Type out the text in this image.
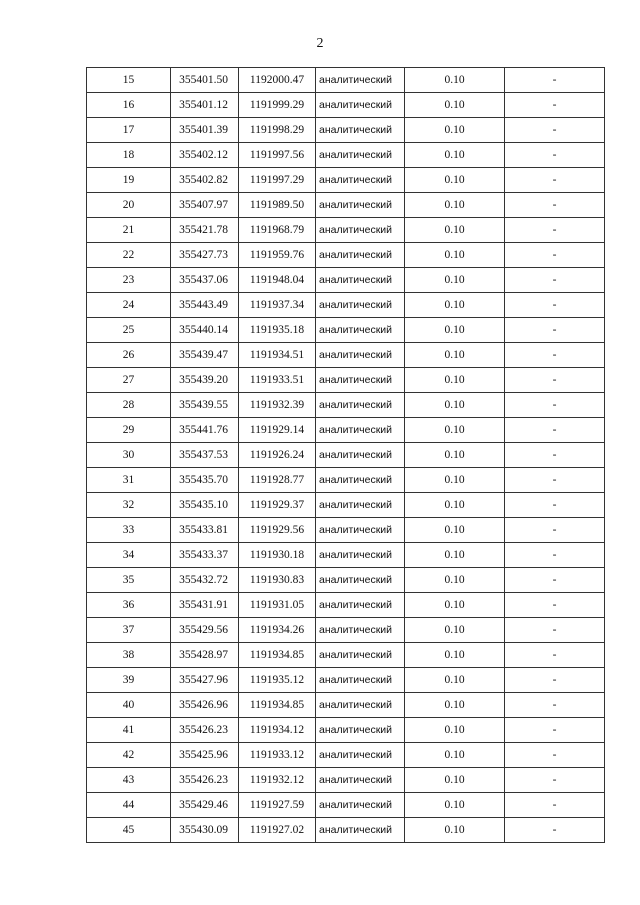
2
15	355401.50	1192000.47	аналитический	0.10	-
16	355401.12	1191999.29	аналитический	0.10	-
17	355401.39	1191998.29	аналитический	0.10	-
18	355402.12	1191997.56	аналитический	0.10	-
19	355402.82	1191997.29	аналитический	0.10	-
20	355407.97	1191989.50	аналитический	0.10	-
21	355421.78	1191968.79	аналитический	0.10	-
22	355427.73	1191959.76	аналитический	0.10	-
23	355437.06	1191948.04	аналитический	0.10	-
24	355443.49	1191937.34	аналитический	0.10	-
25	355440.14	1191935.18	аналитический	0.10	-
26	355439.47	1191934.51	аналитический	0.10	-
27	355439.20	1191933.51	аналитический	0.10	-
28	355439.55	1191932.39	аналитический	0.10	-
29	355441.76	1191929.14	аналитический	0.10	-
30	355437.53	1191926.24	аналитический	0.10	-
31	355435.70	1191928.77	аналитический	0.10	-
32	355435.10	1191929.37	аналитический	0.10	-
33	355433.81	1191929.56	аналитический	0.10	-
34	355433.37	1191930.18	аналитический	0.10	-
35	355432.72	1191930.83	аналитический	0.10	-
36	355431.91	1191931.05	аналитический	0.10	-
37	355429.56	1191934.26	аналитический	0.10	-
38	355428.97	1191934.85	аналитический	0.10	-
39	355427.96	1191935.12	аналитический	0.10	-
40	355426.96	1191934.85	аналитический	0.10	-
41	355426.23	1191934.12	аналитический	0.10	-
42	355425.96	1191933.12	аналитический	0.10	-
43	355426.23	1191932.12	аналитический	0.10	-
44	355429.46	1191927.59	аналитический	0.10	-
45	355430.09	1191927.02	аналитический	0.10	-
